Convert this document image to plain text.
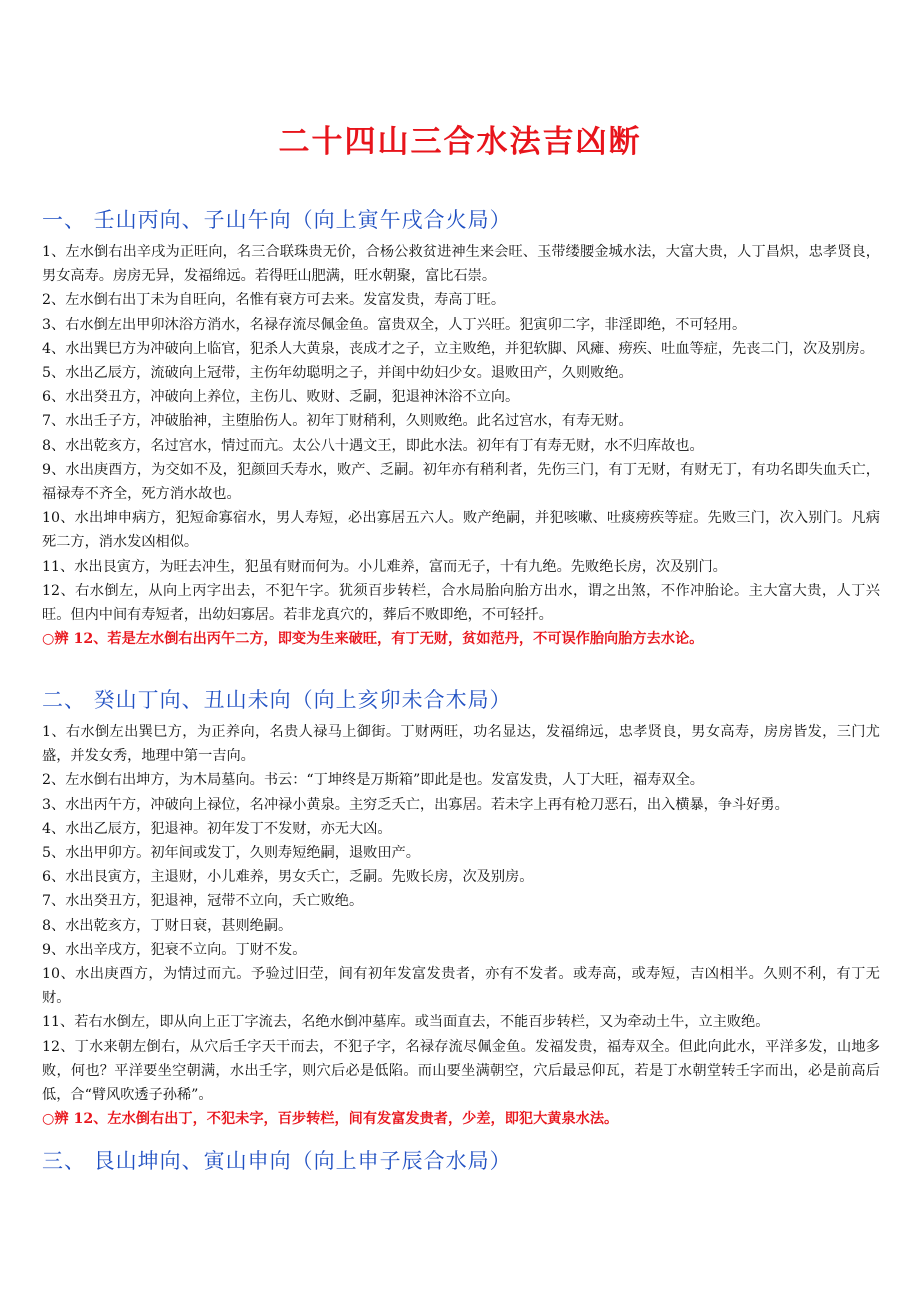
二十四山三合水法吉凶断
一、 壬山丙向、子山午向（向上寅午戌合火局）

1、左水倒右出辛戌为正旺向，名三合联珠贵无价，合杨公救贫进神生来会旺、玉带缕腰金城水法，大富大贵，人丁昌炽，忠孝贤良，男女高寿。房房无异，发福绵远。若得旺山肥满，旺水朝聚，富比石崇。

2、左水倒右出丁未为自旺向，名惟有衰方可去来。发富发贵，寿高丁旺。

3、右水倒左出甲卯沐浴方消水，名禄存流尽佩金鱼。富贵双全，人丁兴旺。犯寅卯二字，非淫即绝，不可轻用。

4、水出巽巳方为冲破向上临官，犯杀人大黄泉，丧成才之子，立主败绝，并犯软脚、风瘫、痨疾、吐血等症，先丧二门，次及别房。

5、水出乙辰方，流破向上冠带，主伤年幼聪明之子，并闺中幼妇少女。退败田产，久则败绝。

6、水出癸丑方，冲破向上养位，主伤儿、败财、乏嗣，犯退神沐浴不立向。

7、水出壬子方，冲破胎神，主堕胎伤人。初年丁财稍利，久则败绝。此名过宫水，有寿无财。

8、水出乾亥方，名过宫水，情过而亢。太公八十遇文王，即此水法。初年有丁有寿无财，水不归库故也。

9、水出庚酉方，为交如不及，犯颜回夭寿水，败产、乏嗣。初年亦有稍利者，先伤三门，有丁无财，有财无丁，有功名即失血夭亡，福禄寿不齐全，死方消水故也。

10、水出坤申病方，犯短命寡宿水，男人寿短，必出寡居五六人。败产绝嗣，并犯咳嗽、吐痰痨疾等症。先败三门，次入别门。凡病死二方，消水发凶相似。

11、水出艮寅方，为旺去冲生，犯虽有财而何为。小儿难养，富而无子，十有九绝。先败绝长房，次及别门。

12、右水倒左，从向上丙字出去，不犯午字。犹须百步转栏，合水局胎向胎方出水，谓之出煞，不作冲胎论。主大富大贵，人丁兴旺。但内中间有寿短者，出幼妇寡居。若非龙真穴的，葬后不败即绝，不可轻扦。

○辨 12、若是左水倒右出丙午二方，即变为生来破旺，有丁无财，贫如范丹，不可误作胎向胎方去水论。

二、 癸山丁向、丑山未向（向上亥卯未合木局）

1、右水倒左出巽巳方，为正养向，名贵人禄马上御街。丁财两旺，功名显达，发福绵远，忠孝贤良，男女高寿，房房皆发，三门尤盛，并发女秀，地理中第一吉向。

2、左水倒右出坤方，为木局墓向。书云：“丁坤终是万斯箱”即此是也。发富发贵，人丁大旺，福寿双全。

3、水出丙午方，冲破向上禄位，名冲禄小黄泉。主穷乏夭亡，出寡居。若未字上再有枪刀恶石，出入横暴，争斗好勇。

4、水出乙辰方，犯退神。初年发丁不发财，亦无大凶。

5、水出甲卯方。初年间或发丁，久则寿短绝嗣，退败田产。

6、水出艮寅方，主退财，小儿难养，男女夭亡，乏嗣。先败长房，次及别房。

7、水出癸丑方，犯退神，冠带不立向，夭亡败绝。

8、水出乾亥方，丁财日衰，甚则绝嗣。

9、水出辛戌方，犯衰不立向。丁财不发。

10、水出庚酉方，为情过而亢。予验过旧茔，间有初年发富发贵者，亦有不发者。或寿高，或寿短，吉凶相半。久则不利，有丁无财。

11、若右水倒左，即从向上正丁字流去，名绝水倒冲墓库。或当面直去，不能百步转栏，又为牵动土牛，立主败绝。

12、丁水来朝左倒右，从穴后壬字天干而去，不犯子字，名禄存流尽佩金鱼。发福发贵，福寿双全。但此向此水，平洋多发，山地多败，何也？平洋要坐空朝满，水出壬字，则穴后必是低陷。而山要坐满朝空，穴后最忌仰瓦，若是丁水朝堂转壬字而出，必是前高后低，合“臂风吹透子孙稀”。

○辨 12、左水倒右出丁，不犯未字，百步转栏，间有发富发贵者，少差，即犯大黄泉水法。

三、 艮山坤向、寅山申向（向上申子辰合水局）
